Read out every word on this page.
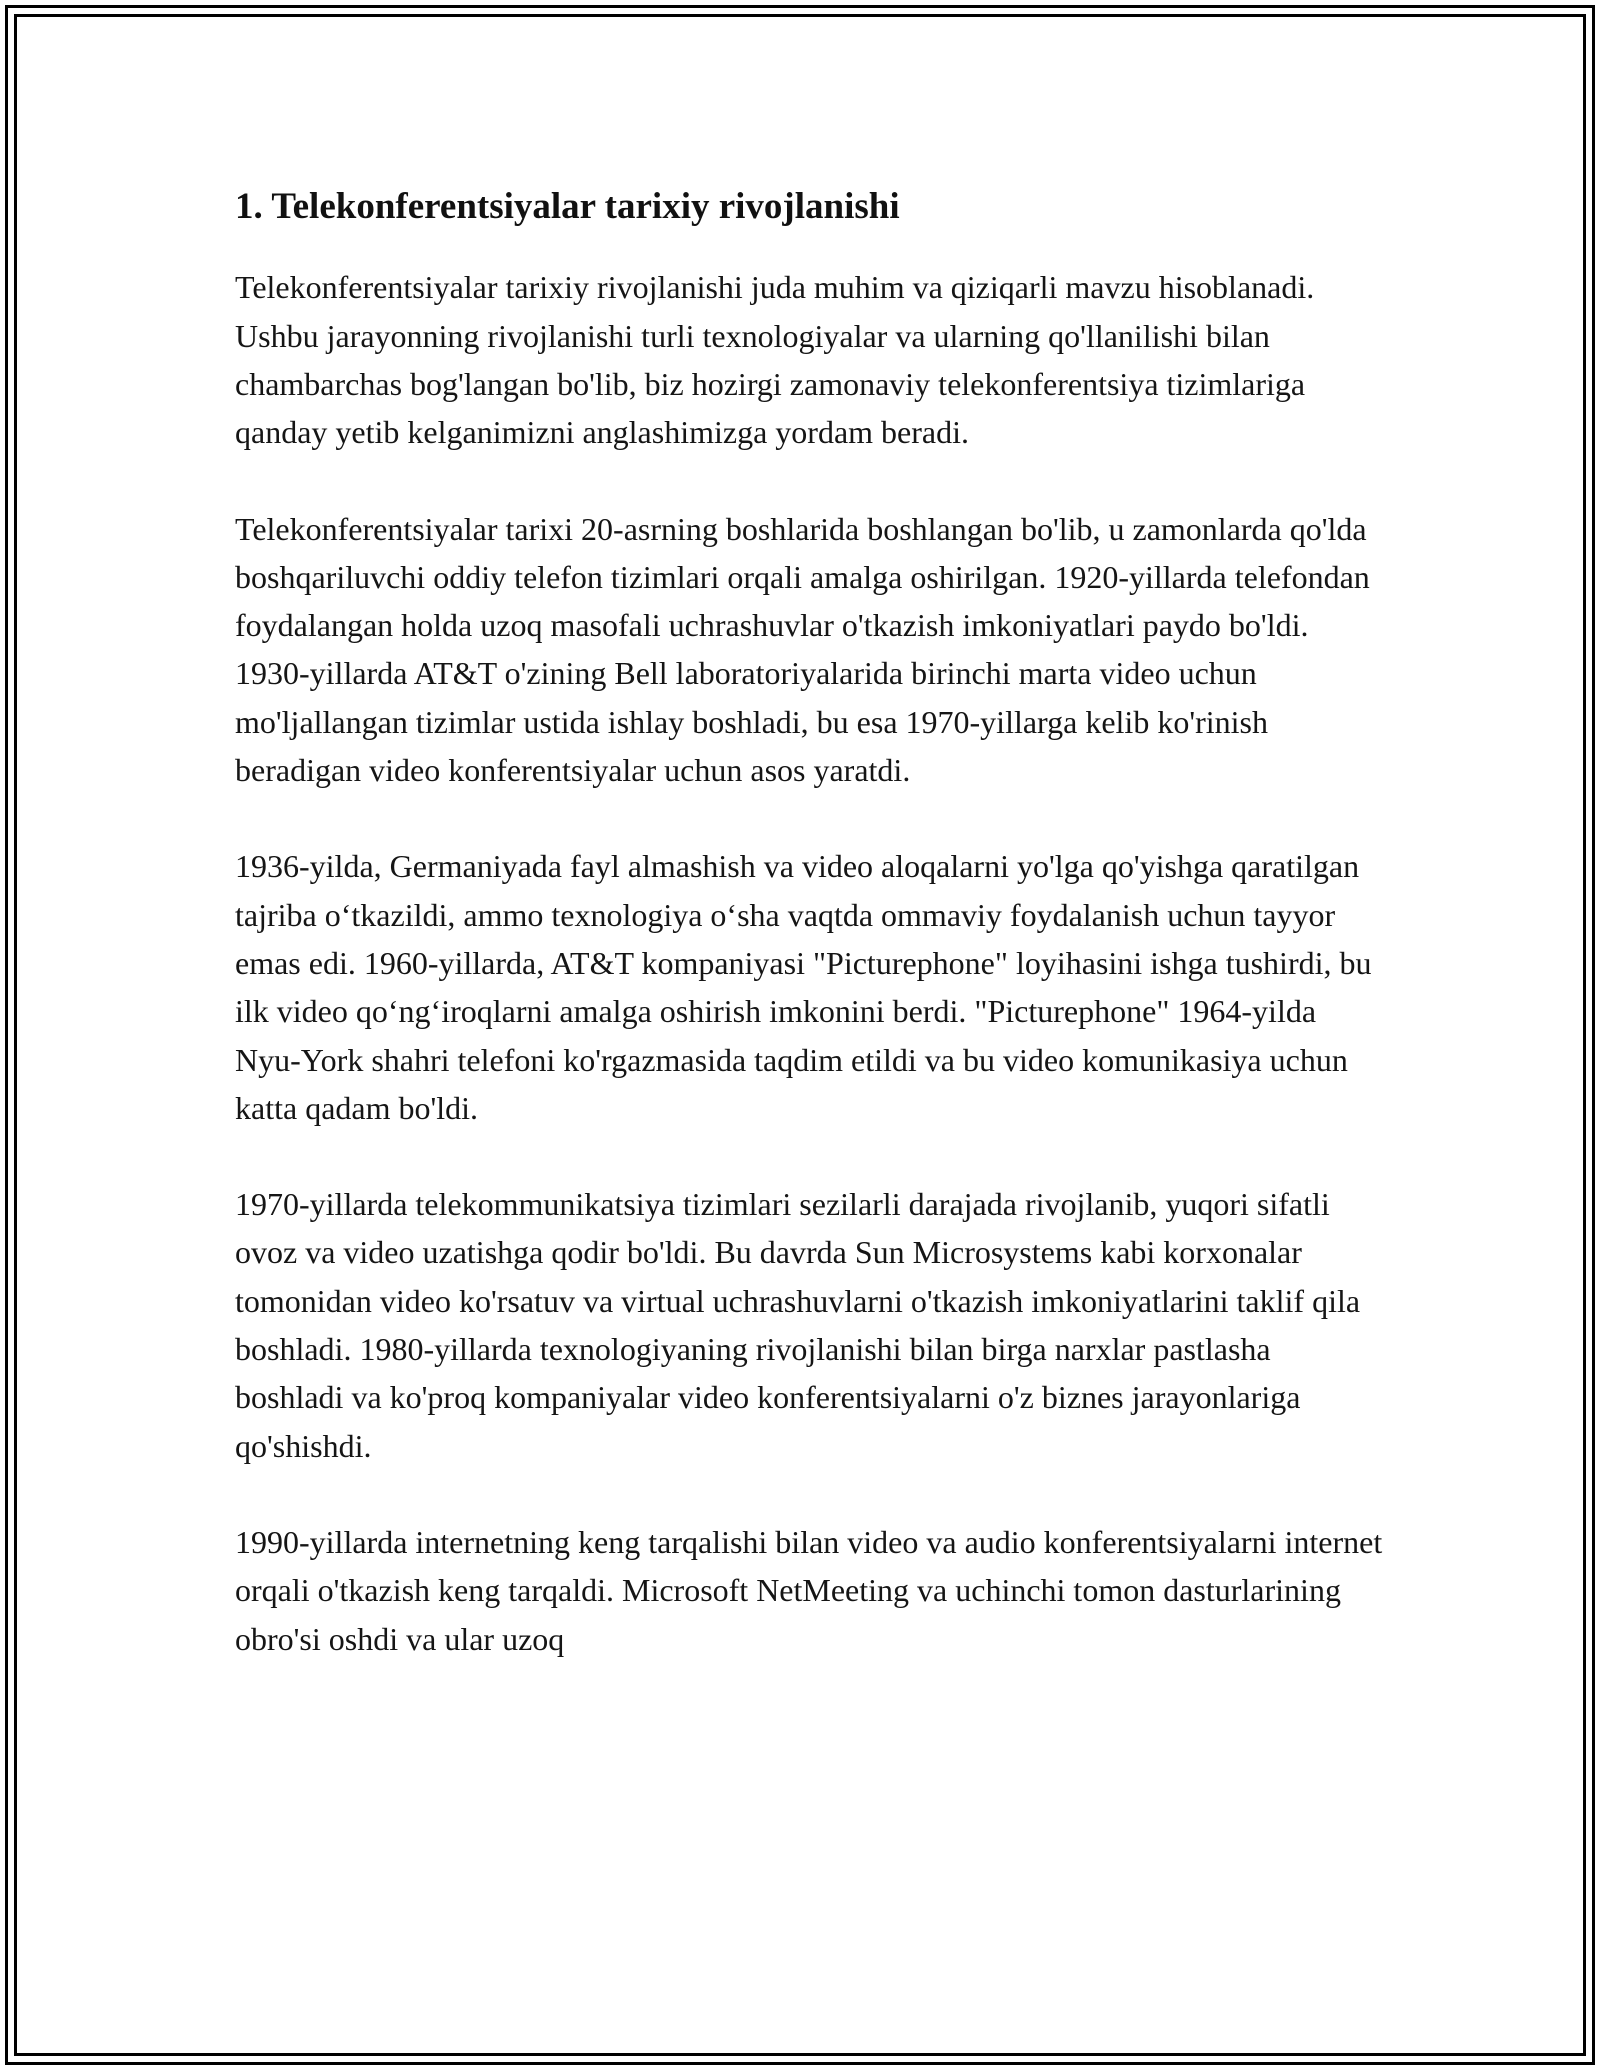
1. Telekonferentsiyalar tarixiy rivojlanishi

Telekonferentsiyalar tarixiy rivojlanishi juda muhim va qiziqarli mavzu hisoblanadi. Ushbu jarayonning rivojlanishi turli texnologiyalar va ularning qo'llanilishi bilan chambarchas bog'langan bo'lib, biz hozirgi zamonaviy telekonferentsiya tizimlariga qanday yetib kelganimizni anglashimizga yordam beradi.

Telekonferentsiyalar tarixi 20-asrning boshlarida boshlangan bo'lib, u zamonlarda qo'lda boshqariluvchi oddiy telefon tizimlari orqali amalga oshirilgan. 1920-yillarda telefondan foydalangan holda uzoq masofali uchrashuvlar o'tkazish imkoniyatlari paydo bo'ldi. 1930-yillarda AT&T o'zining Bell laboratoriyalarida birinchi marta video uchun mo'ljallangan tizimlar ustida ishlay boshladi, bu esa 1970-yillarga kelib ko'rinish beradigan video konferentsiyalar uchun asos yaratdi.

1936-yilda, Germaniyada fayl almashish va video aloqalarni yo'lga qo'yishga qaratilgan tajriba o‘tkazildi, ammo texnologiya o‘sha vaqtda ommaviy foydalanish uchun tayyor emas edi. 1960-yillarda, AT&T kompaniyasi "Picturephone" loyihasini ishga tushirdi, bu ilk video qo‘ng‘iroqlarni amalga oshirish imkonini berdi. "Picturephone" 1964-yilda Nyu-York shahri telefoni ko'rgazmasida taqdim etildi va bu video komunikasiya uchun katta qadam bo'ldi.

1970-yillarda telekommunikatsiya tizimlari sezilarli darajada rivojlanib, yuqori sifatli ovoz va video uzatishga qodir bo'ldi. Bu davrda Sun Microsystems kabi korxonalar tomonidan video ko'rsatuv va virtual uchrashuvlarni o'tkazish imkoniyatlarini taklif qila boshladi. 1980-yillarda texnologiyaning rivojlanishi bilan birga narxlar pastlasha boshladi va ko'proq kompaniyalar video konferentsiyalarni o'z biznes jarayonlariga qo'shishdi.

1990-yillarda internetning keng tarqalishi bilan video va audio konferentsiyalarni internet orqali o'tkazish keng tarqaldi. Microsoft NetMeeting va uchinchi tomon dasturlarining obro'si oshdi va ular uzoq
